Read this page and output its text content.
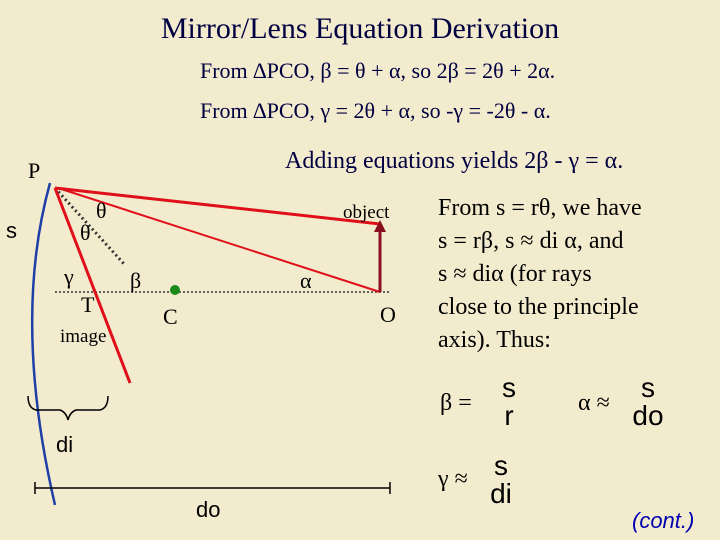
Mirror/Lens Equation Derivation
From ∆PCO, β = θ + α, so 2β = 2θ + 2α.
From ∆PCO, γ = 2θ + α, so -γ = -2θ - α.
Adding equations yields 2β - γ = α.
From s = rθ, we have
s = rβ, s ≈ di α, and
s ≈ diα (for rays
close to the principle
axis). Thus:
P
s
θ
θ
γ	β	α
T
image
C	O
object
di
do
β = s
r	α ≈	s
do
γ ≈ s
di
(cont.)
